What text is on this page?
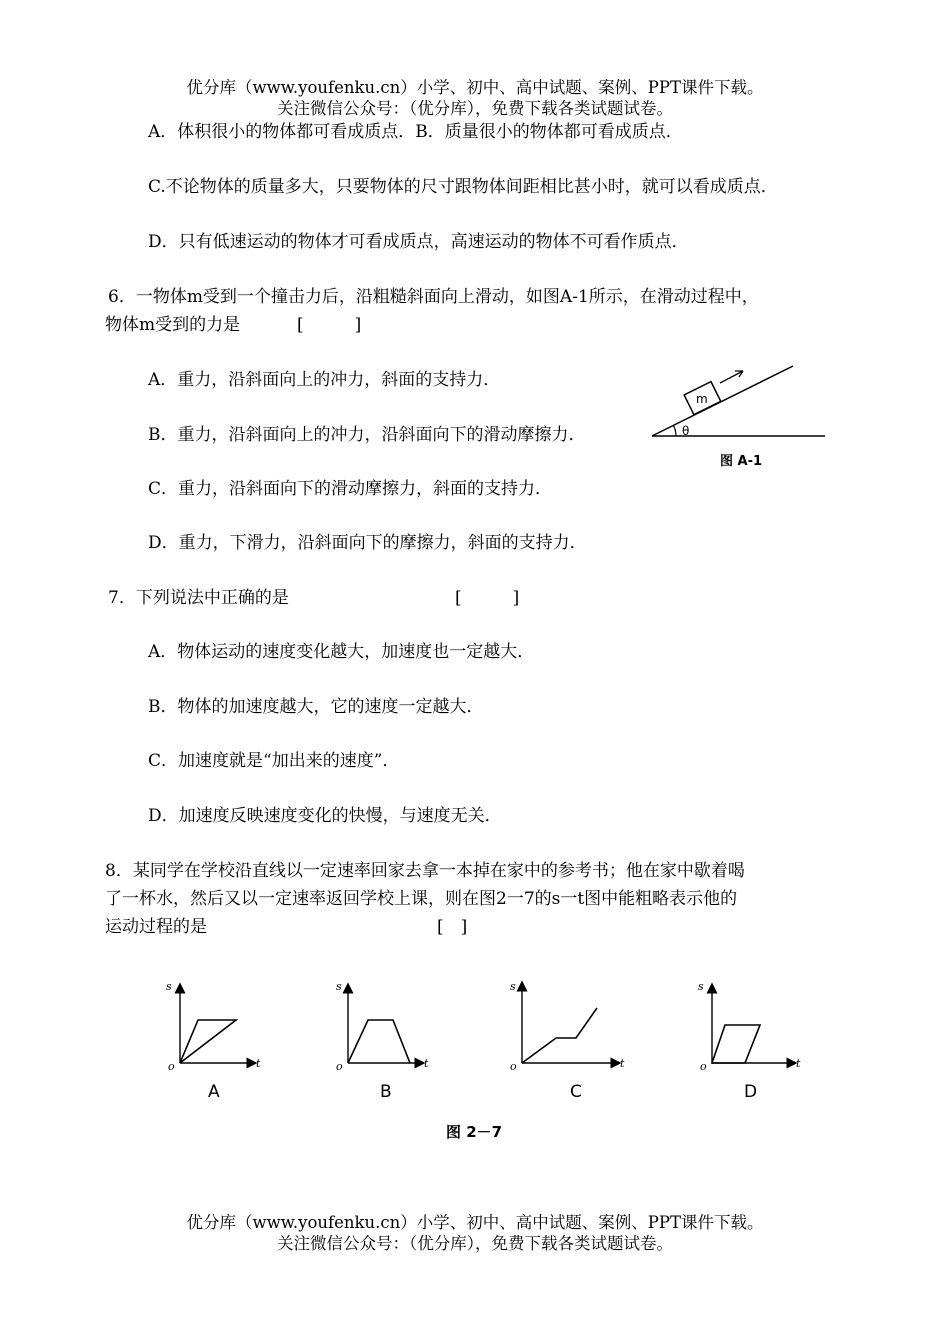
优分库（www.youfenku.cn）小学、初中、高中试题、案例、PPT课件下载。
关注微信公众号：（优分库），免费下载各类试题试卷。
A．体积很小的物体都可看成质点．B．质量很小的物体都可看成质点．
C.不论物体的质量多大，只要物体的尺寸跟物体间距相比甚小时，就可以看成质点．
D．只有低速运动的物体才可看成质点，高速运动的物体不可看作质点．
6．一物体m受到一个撞击力后，沿粗糙斜面向上滑动，如图A-1所示，在滑动过程中，
物体m受到的力是	[　　　]
A．重力，沿斜面向上的冲力，斜面的支持力．
B．重力，沿斜面向上的冲力，沿斜面向下的滑动摩擦力．
C．重力，沿斜面向下的滑动摩擦力，斜面的支持力．
D．重力，下滑力，沿斜面向下的摩擦力，斜面的支持力．
m
θ
图 A-1
7．下列说法中正确的是	[　　　]
A．物体运动的速度变化越大，加速度也一定越大．
B．物体的加速度越大，它的速度一定越大．
C．加速度就是“加出来的速度”．
D．加速度反映速度变化的快慢，与速度无关．
8．某同学在学校沿直线以一定速率回家去拿一本掉在家中的参考书；他在家中歇着喝
了一杯水，然后又以一定速率返回学校上课，则在图2一7的s一t图中能粗略表示他的
运动过程的是	[　]
s
t
o
A
s
t
o
B
s
t
o
C
s
t
o
D
图 2－7
优分库（www.youfenku.cn）小学、初中、高中试题、案例、PPT课件下载。
关注微信公众号：（优分库），免费下载各类试题试卷。
